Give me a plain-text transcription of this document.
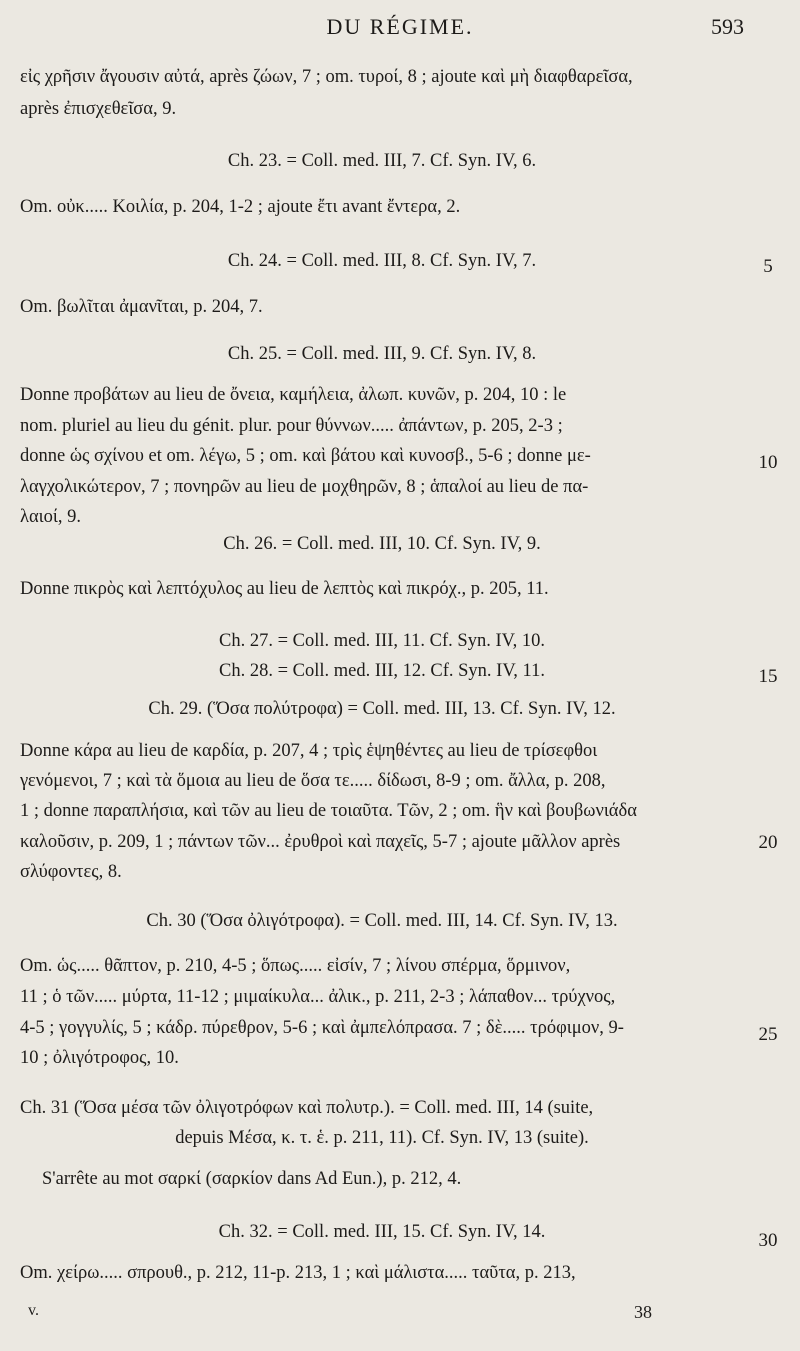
DU RÉGIME.	593
εἰς χρῆσιν ἄγουσιν αὐτά, après ζώων, 7 ; om. τυροί, 8 ; ajoute καὶ μὴ διαφθαρεῖσα,
après ἐπισχεθεῖσα, 9.
Ch. 23. = Coll. med. III, 7. Cf. Syn. IV, 6.
Om. οὐκ..... Κοιλία, p. 204, 1-2 ; ajoute ἔτι avant ἔντερα, 2.
Ch. 24. = Coll. med. III, 8. Cf. Syn. IV, 7.
Om. βωλῖται ἀμανῖται, p. 204, 7.
Ch. 25. = Coll. med. III, 9. Cf. Syn. IV, 8.
Donne προβάτων au lieu de ὄνεια, καμήλεια, ἀλωπ. κυνῶν, p. 204, 10 : le
nom. pluriel au lieu du génit. plur. pour θύννων..... ἀπάντων, p. 205, 2-3 ;
donne ὡς σχίνου et om. λέγω, 5 ; om. καὶ βάτου καὶ κυνοσβ., 5-6 ; donne με-
λαγχολικώτερον, 7 ; πονηρῶν au lieu de μοχθηρῶν, 8 ; ἁπαλοί au lieu de πα-
λαιοί, 9.
Ch. 26. = Coll. med. III, 10. Cf. Syn. IV, 9.
Donne πικρὸς καὶ λεπτόχυλος au lieu de λεπτὸς καὶ πικρόχ., p. 205, 11.
Ch. 27. = Coll. med. III, 11. Cf. Syn. IV, 10.
Ch. 28. = Coll. med. III, 12. Cf. Syn. IV, 11.
Ch. 29. (Ὅσα πολύτροφα) = Coll. med. III, 13. Cf. Syn. IV, 12.
Donne κάρα au lieu de καρδία, p. 207, 4 ; τρὶς ἑψηθέντες au lieu de τρίσεφθοι
γενόμενοι, 7 ; καὶ τὰ ὅμοια au lieu de ὅσα τε..... δίδωσι, 8-9 ; om. ἄλλα, p. 208,
1 ; donne παραπλήσια, καὶ τῶν au lieu de τοιαῦτα. Τῶν, 2 ; om. ἣν καὶ βουβωνιάδα
καλοῦσιν, p. 209, 1 ; πάντων τῶν... ἐρυθροὶ καὶ παχεῖς, 5-7 ; ajoute μᾶλλον après
σλύφοντες, 8.
Ch. 30 (Ὅσα ὀλιγότροφα). = Coll. med. III, 14. Cf. Syn. IV, 13.
Om. ὡς..... θᾶπτον, p. 210, 4-5 ; ὅπως..... εἰσίν, 7 ; λίνου σπέρμα, ὅρμινον,
11 ; ὁ τῶν..... μύρτα, 11-12 ; μιμαίκυλα... ἀλικ., p. 211, 2-3 ; λάπαθον... τρύχνος,
4-5 ; γογγυλίς, 5 ; κάδρ. πύρεθρον, 5-6 ; καὶ ἀμπελόπρασα. 7 ; δὲ..... τρόφιμον, 9-
10 ; ὀλιγότροφος, 10.
Ch. 31 (Ὅσα μέσα τῶν ὀλιγοτρόφων καὶ πολυτρ.). = Coll. med. III, 14 (suite,
depuis Μέσα, κ. τ. ἑ. p. 211, 11). Cf. Syn. IV, 13 (suite).
S'arrête au mot σαρκί (σαρκίον dans Ad Eun.), p. 212, 4.
Ch. 32. = Coll. med. III, 15. Cf. Syn. IV, 14.
Om. χείρω..... σπρουθ., p. 212, 11-p. 213, 1 ; καὶ μάλιστα..... ταῦτα, p. 213,
5
10
15
20
25
30
v.	38
